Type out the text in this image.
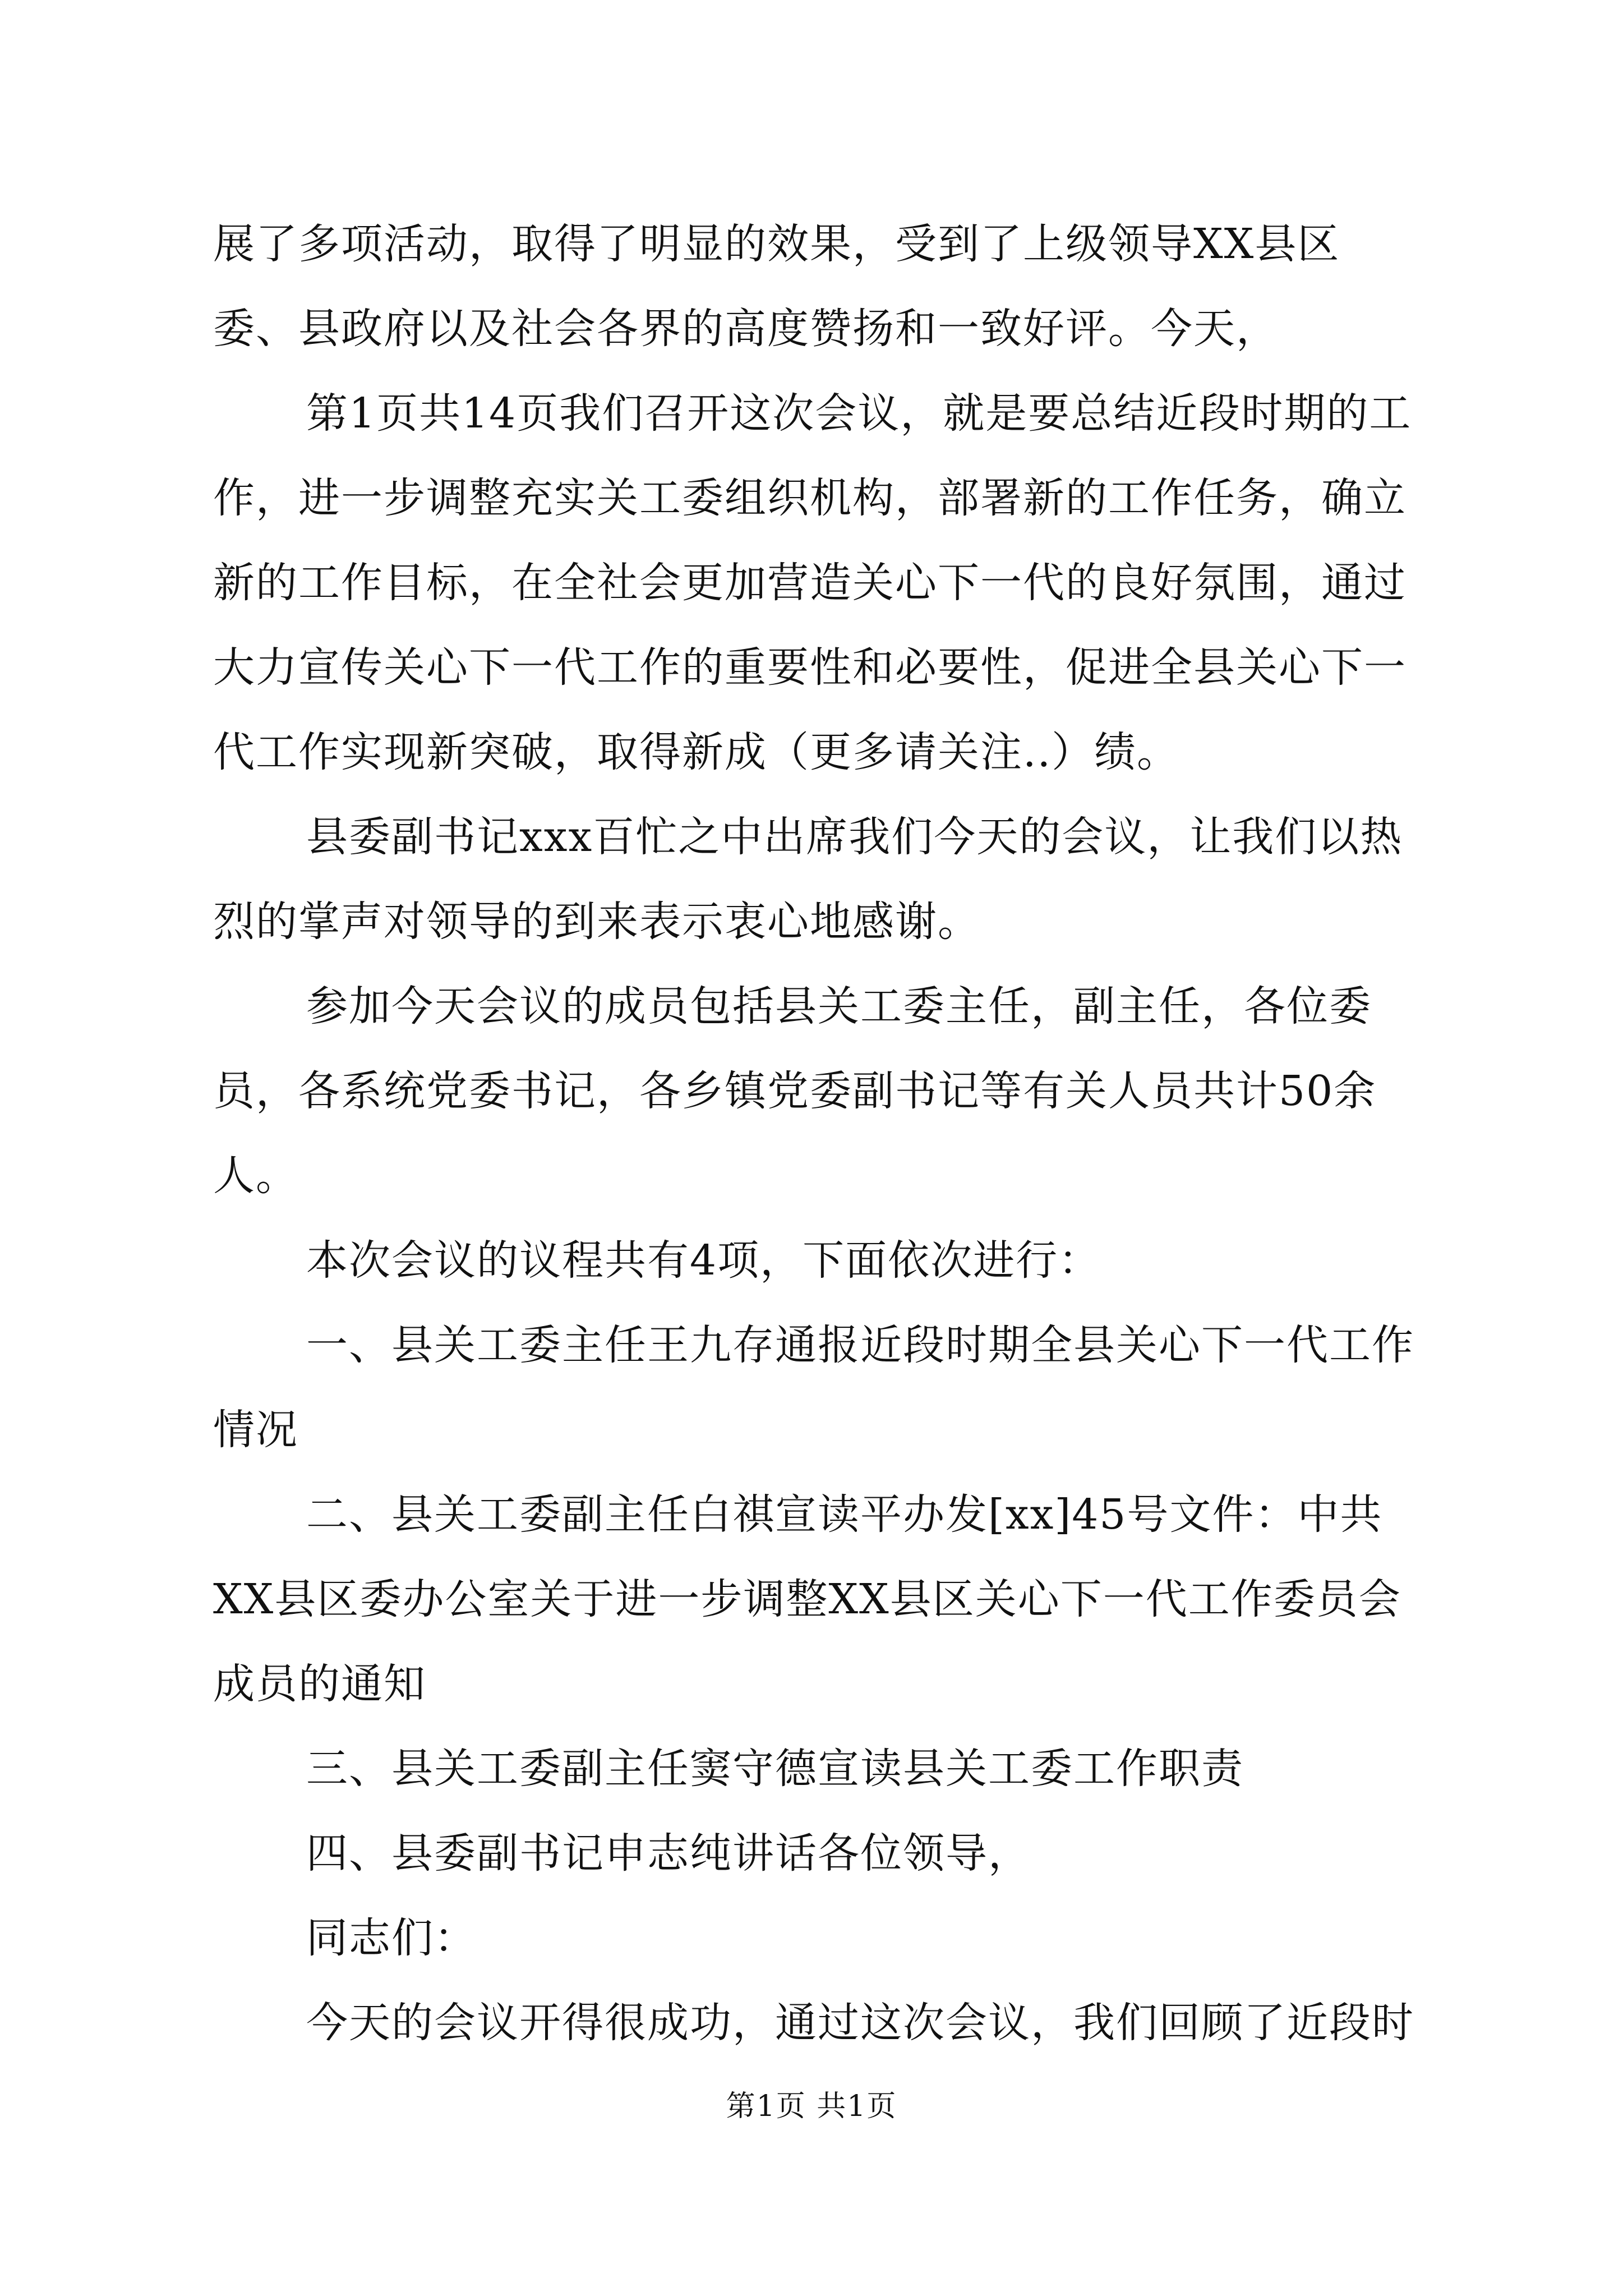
展了多项活动，取得了明显的效果，受到了上级领导XX县区委、县政府以及社会各界的高度赞扬和一致好评。今天，

第1页共14页我们召开这次会议，就是要总结近段时期的工作，进一步调整充实关工委组织机构，部署新的工作任务，确立新的工作目标，在全社会更加营造关心下一代的良好氛围，通过大力宣传关心下一代工作的重要性和必要性，促进全县关心下一代工作实现新突破，取得新成（更多请关注..）绩。

县委副书记xxx百忙之中出席我们今天的会议，让我们以热烈的掌声对领导的到来表示衷心地感谢。

参加今天会议的成员包括县关工委主任，副主任，各位委员，各系统党委书记，各乡镇党委副书记等有关人员共计50余人。

本次会议的议程共有4项，下面依次进行：

一、县关工委主任王九存通报近段时期全县关心下一代工作情况

二、县关工委副主任白祺宣读平办发[xx]45号文件：中共XX县区委办公室关于进一步调整XX县区关心下一代工作委员会成员的通知

三、县关工委副主任窦守德宣读县关工委工作职责

四、县委副书记申志纯讲话各位领导，

同志们：

今天的会议开得很成功，通过这次会议，我们回顾了近段时

第1页 共1页
